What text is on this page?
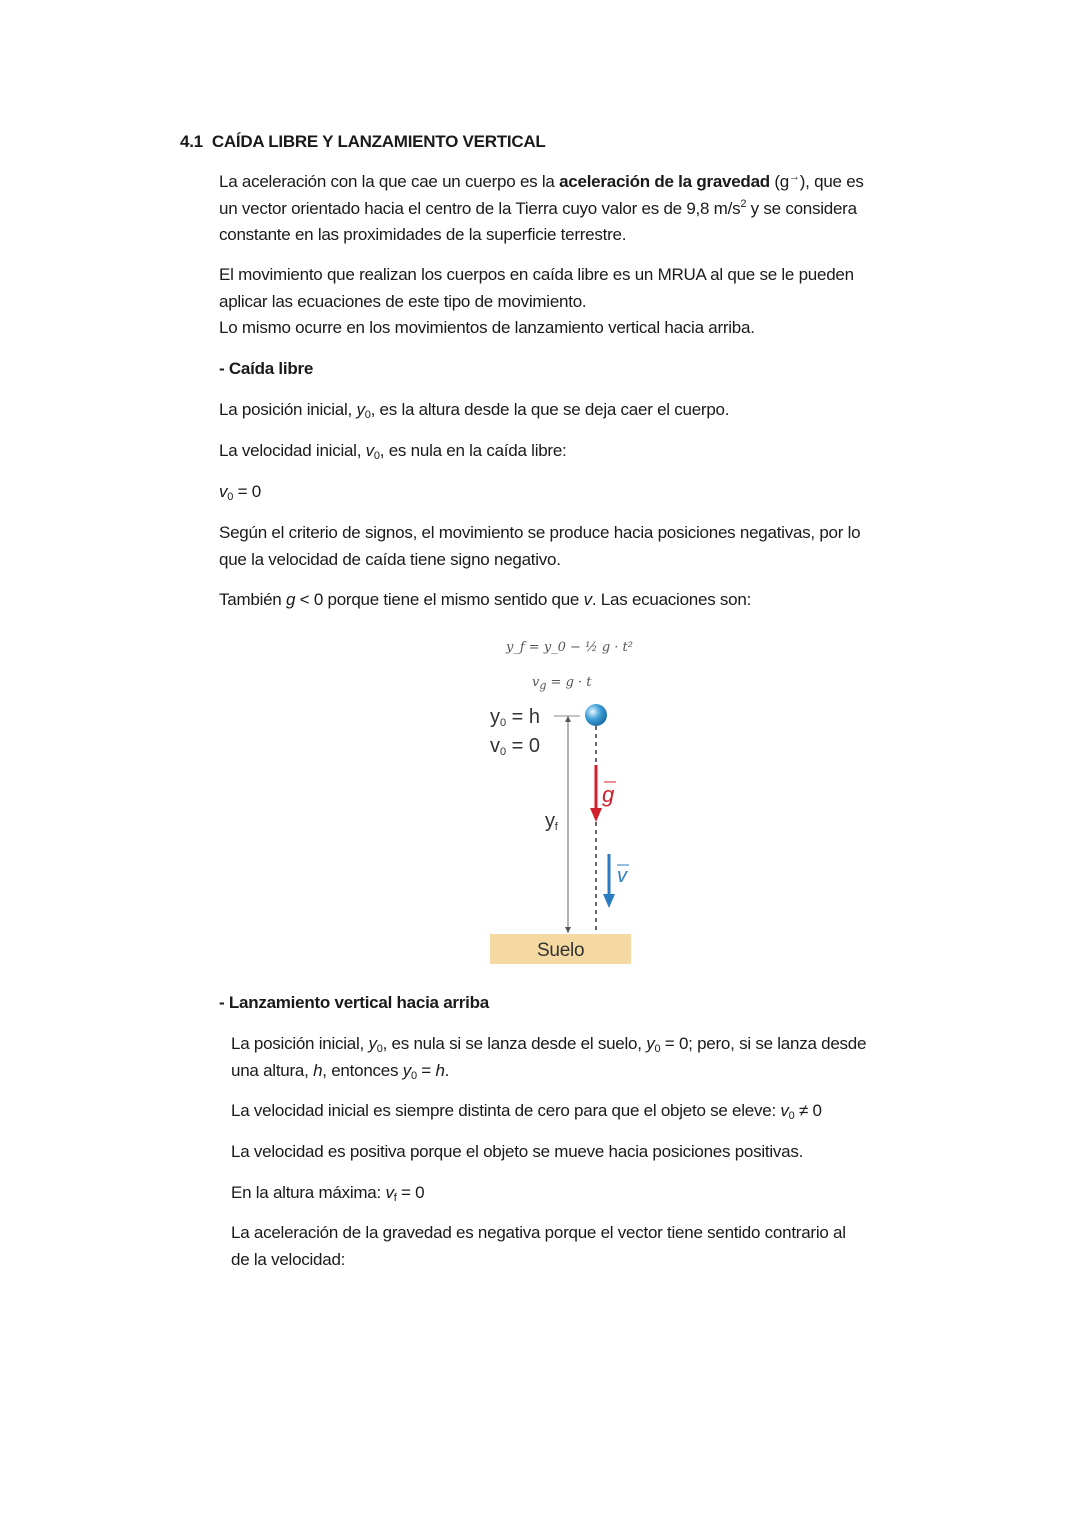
4.1 CAÍDA LIBRE Y LANZAMIENTO VERTICAL
La aceleración con la que cae un cuerpo es la aceleración de la gravedad (g→), que es
un vector orientado hacia el centro de la Tierra cuyo valor es de 9,8 $m/s^2$ y se considera
constante en las proximidades de la superficie terrestre.
El movimiento que realizan los cuerpos en caída libre es un MRUA al que se le pueden
aplicar las ecuaciones de este tipo de movimiento.
Lo mismo ocurre en los movimientos de lanzamiento vertical hacia arriba.
- Caída libre
La posición inicial, $y_0$, es la altura desde la que se deja caer el cuerpo.
La velocidad inicial, $v_0$, es nula en la caída libre:
$v_0 = 0$
Según el criterio de signos, el movimiento se produce hacia posiciones negativas, por lo
que la velocidad de caída tiene signo negativo.
También g < 0 porque tiene el mismo sentido que v. Las ecuaciones son:
y_f = y_0 − ½ g · t²
$v_g = g \cdot t$
$y_0 = h$
$v_0 = 0$
$y_f$
g
v
Suelo
- Lanzamiento vertical hacia arriba
La posición inicial, $y_0$, es nula si se lanza desde el suelo, $y_0 = 0$; pero, si se lanza desde
una altura, h, entonces $y_0 = h$.
La velocidad inicial es siempre distinta de cero para que el objeto se eleve: $v_0 \ne 0$
La velocidad es positiva porque el objeto se mueve hacia posiciones positivas.
En la altura máxima: $v_f = 0$
La aceleración de la gravedad es negativa porque el vector tiene sentido contrario al
de la velocidad:
